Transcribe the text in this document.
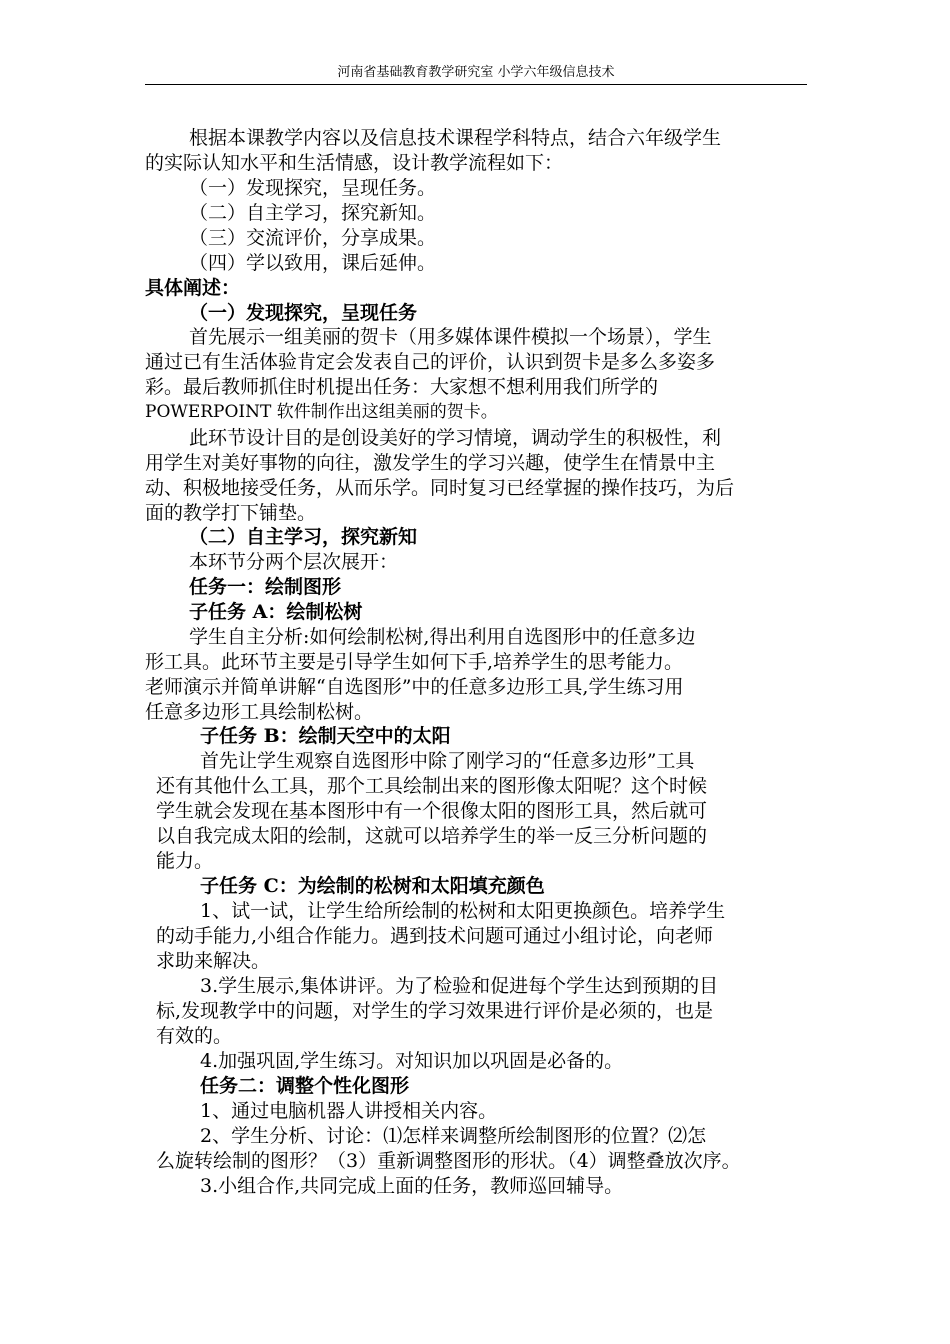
河南省基础教育教学研究室 小学六年级信息技术
根据本课教学内容以及信息技术课程学科特点，结合六年级学生
的实际认知水平和生活情感，设计教学流程如下：
（一）发现探究，呈现任务。
（二）自主学习，探究新知。
（三）交流评价，分享成果。
（四）学以致用，课后延伸。
具体阐述：
（一）发现探究，呈现任务
首先展示一组美丽的贺卡（用多媒体课件模拟一个场景），学生
通过已有生活体验肯定会发表自己的评价，认识到贺卡是多么多姿多
彩。最后教师抓住时机提出任务：大家想不想利用我们所学的
POWERPOINT 软件制作出这组美丽的贺卡。
此环节设计目的是创设美好的学习情境，调动学生的积极性，利
用学生对美好事物的向往，激发学生的学习兴趣，使学生在情景中主
动、积极地接受任务，从而乐学。同时复习已经掌握的操作技巧，为后
面的教学打下铺垫。
（二）自主学习，探究新知
本环节分两个层次展开：
任务一：绘制图形
子任务 A：绘制松树
学生自主分析:如何绘制松树,得出利用自选图形中的任意多边
形工具。此环节主要是引导学生如何下手,培养学生的思考能力。
老师演示并简单讲解“自选图形”中的任意多边形工具,学生练习用
任意多边形工具绘制松树。
子任务 B：绘制天空中的太阳
首先让学生观察自选图形中除了刚学习的“任意多边形”工具
还有其他什么工具，那个工具绘制出来的图形像太阳呢？这个时候
学生就会发现在基本图形中有一个很像太阳的图形工具，然后就可
以自我完成太阳的绘制，这就可以培养学生的举一反三分析问题的
能力。
子任务 C：为绘制的松树和太阳填充颜色
1、试一试，让学生给所绘制的松树和太阳更换颜色。培养学生
的动手能力,小组合作能力。遇到技术问题可通过小组讨论，向老师
求助来解决。
3.学生展示,集体讲评。为了检验和促进每个学生达到预期的目
标,发现教学中的问题，对学生的学习效果进行评价是必须的，也是
有效的。
4.加强巩固,学生练习。对知识加以巩固是必备的。
任务二：调整个性化图形
1、通过电脑机器人讲授相关内容。
2、学生分析、讨论：⑴怎样来调整所绘制图形的位置？⑵怎
么旋转绘制的图形？（3）重新调整图形的形状。（4）调整叠放次序。
3.小组合作,共同完成上面的任务，教师巡回辅导。
